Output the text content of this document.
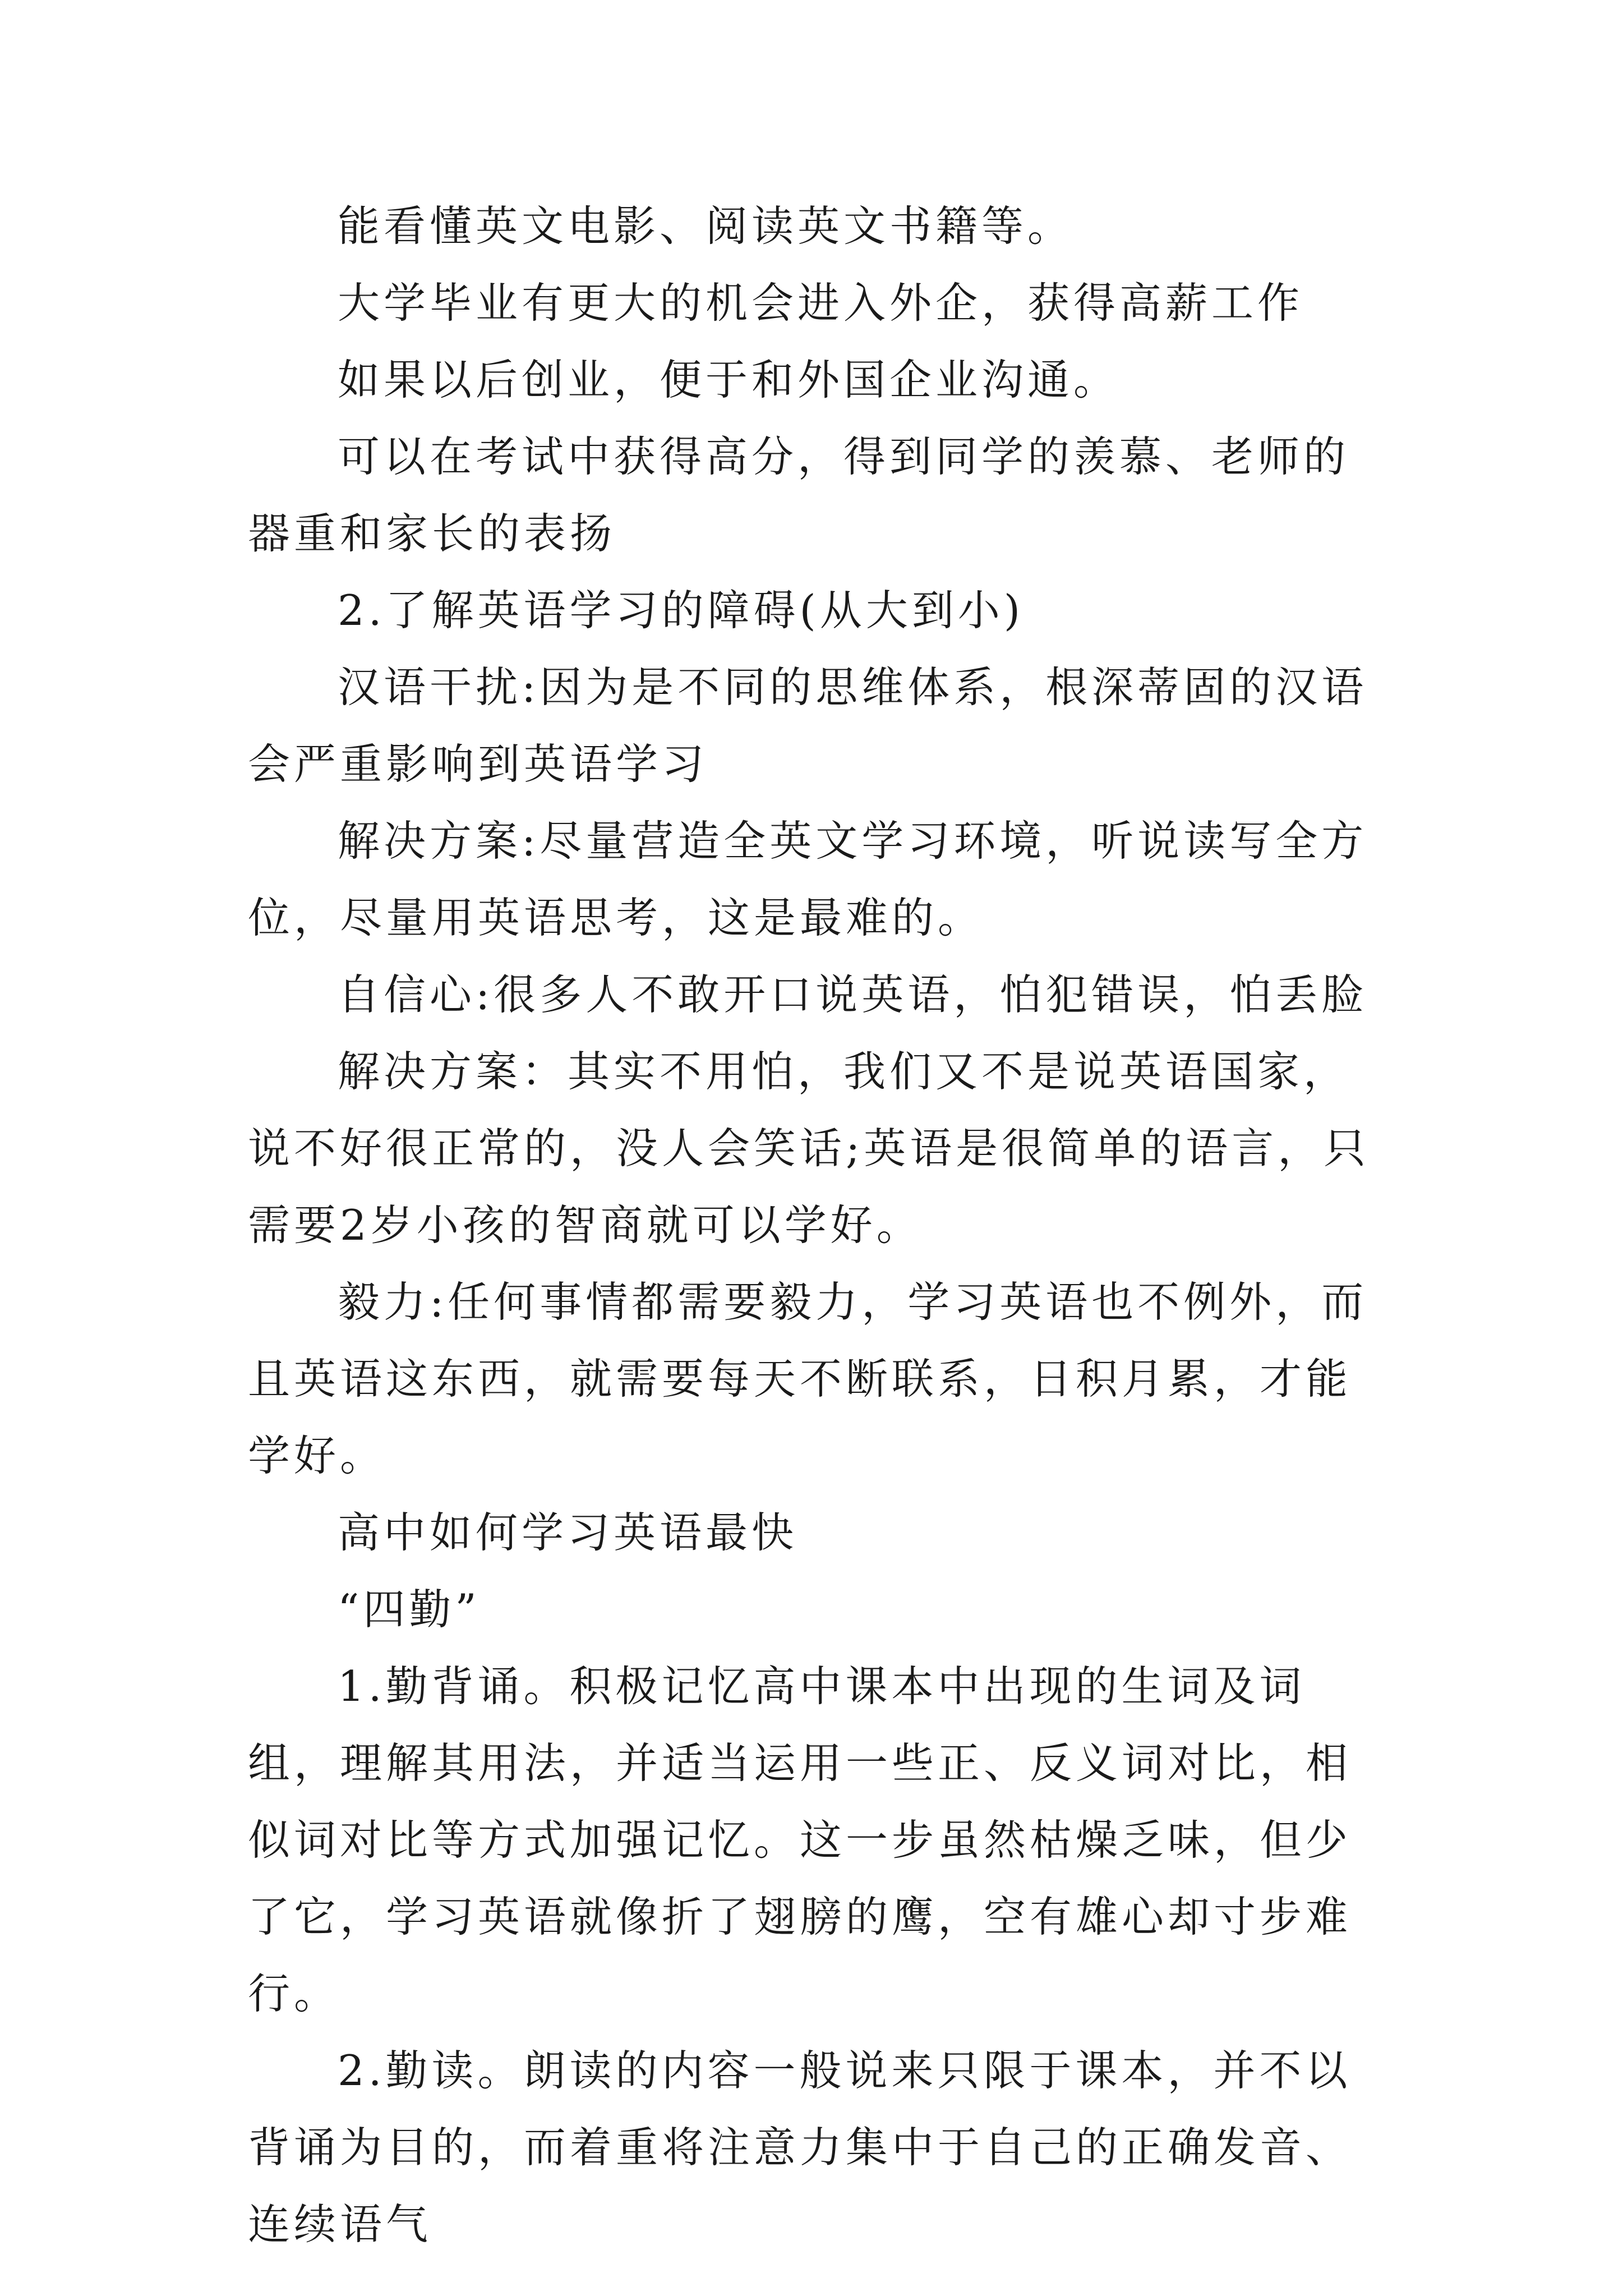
能看懂英文电影、阅读英文书籍等。

大学毕业有更大的机会进入外企，获得高薪工作

如果以后创业，便于和外国企业沟通。

可以在考试中获得高分，得到同学的羡慕、老师的器重和家长的表扬

2.了解英语学习的障碍(从大到小)

汉语干扰:因为是不同的思维体系，根深蒂固的汉语会严重影响到英语学习

解决方案:尽量营造全英文学习环境，听说读写全方位，尽量用英语思考，这是最难的。

自信心:很多人不敢开口说英语，怕犯错误，怕丢脸

解决方案：其实不用怕，我们又不是说英语国家，说不好很正常的，没人会笑话;英语是很简单的语言，只需要2岁小孩的智商就可以学好。

毅力:任何事情都需要毅力，学习英语也不例外，而且英语这东西，就需要每天不断联系，日积月累，才能学好。

高中如何学习英语最快

“四勤”

1.勤背诵。积极记忆高中课本中出现的生词及词组，理解其用法，并适当运用一些正、反义词对比，相似词对比等方式加强记忆。这一步虽然枯燥乏味，但少了它，学习英语就像折了翅膀的鹰，空有雄心却寸步难行。

2.勤读。朗读的内容一般说来只限于课本，并不以背诵为目的，而着重将注意力集中于自己的正确发音、连续语气
